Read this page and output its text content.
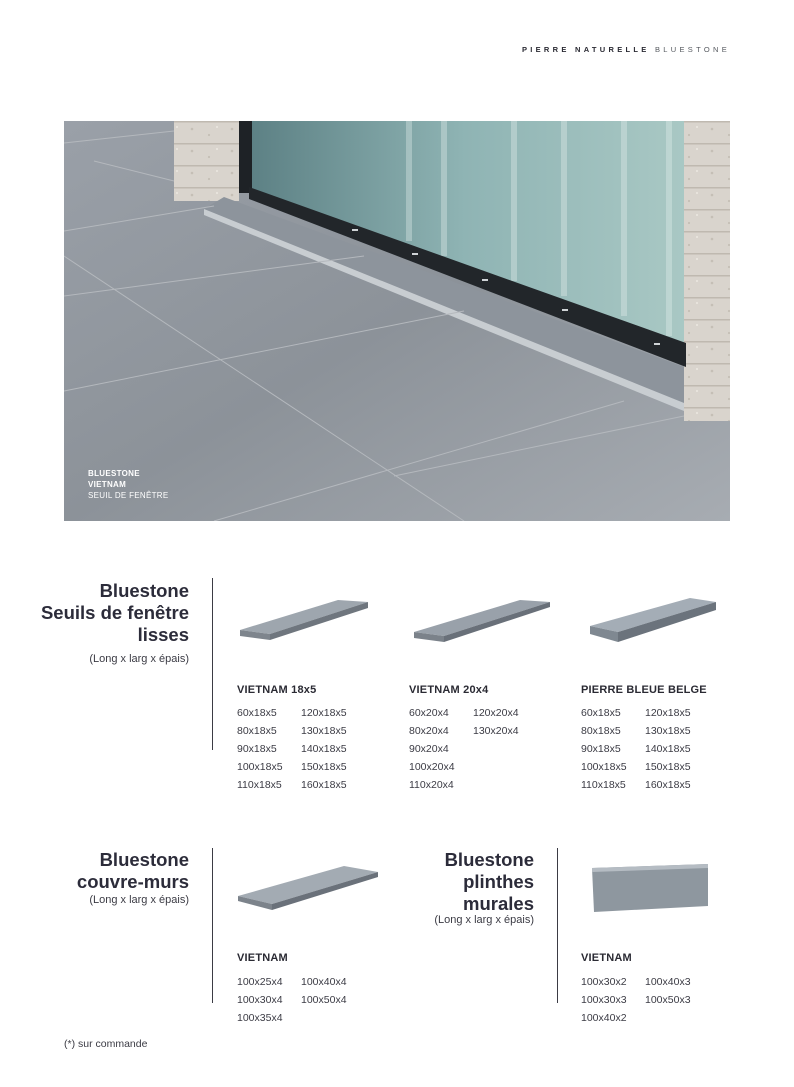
PIERRE NATURELLE BLUESTONE
BLUESTONE
VIETNAM
SEUIL DE FENÊTRE
Bluestone
Seuils de fenêtre
lisses
(Long x larg x épais)
VIETNAM 18x5
60x18x5
80x18x5
90x18x5
100x18x5
110x18x5
120x18x5
130x18x5
140x18x5
150x18x5
160x18x5
VIETNAM 20x4
60x20x4
80x20x4
90x20x4
100x20x4
110x20x4
120x20x4
130x20x4
PIERRE BLEUE BELGE
60x18x5
80x18x5
90x18x5
100x18x5
110x18x5
120x18x5
130x18x5
140x18x5
150x18x5
160x18x5
Bluestone
couvre-murs
(Long x larg x épais)
VIETNAM
100x25x4
100x30x4
100x35x4
100x40x4
100x50x4
Bluestone
plinthes
murales
(Long x larg x épais)
VIETNAM
100x30x2
100x30x3
100x40x2
100x40x3
100x50x3
(*) sur commande
